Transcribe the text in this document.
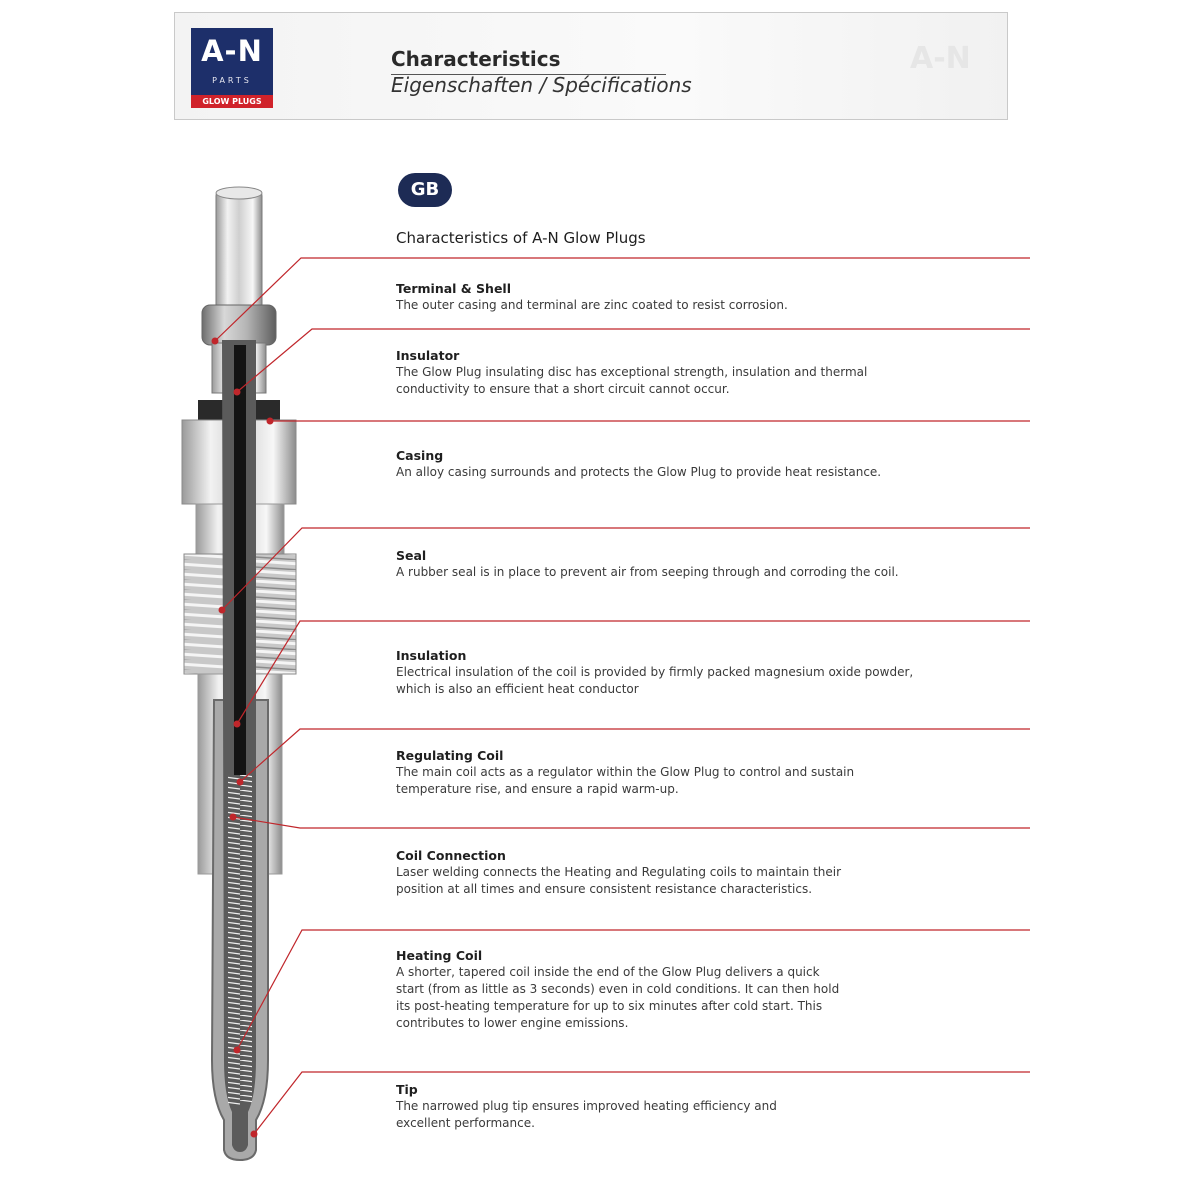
A-N
PARTS
GLOW PLUGS
Characteristics
Eigenschaften / Spécifications
A-N
GB
Characteristics of A-N Glow Plugs
Terminal & Shell
The outer casing and terminal are zinc coated to resist corrosion.
Insulator
The Glow Plug insulating disc has exceptional strength, insulation and thermal conductivity to ensure that a short circuit cannot occur.
Casing
An alloy casing surrounds and protects the Glow Plug to provide heat resistance.
Seal
A rubber seal is in place to prevent air from seeping through and corroding the coil.
Insulation
Electrical insulation of the coil is provided by firmly packed magnesium oxide powder, which is also an efficient heat conductor
Regulating Coil
The main coil acts as a regulator within the Glow Plug to control and sustain temperature rise, and ensure a rapid warm-up.
Coil Connection
Laser welding connects the Heating and Regulating coils to maintain their position at all times and ensure consistent resistance characteristics.
Heating Coil
A shorter, tapered coil inside the end of the Glow Plug delivers a quick start (from as little as 3 seconds) even in cold conditions. It can then hold its post-heating temperature for up to six minutes after cold start. This contributes to lower engine emissions.
Tip
The narrowed plug tip ensures improved heating efficiency and excellent performance.
